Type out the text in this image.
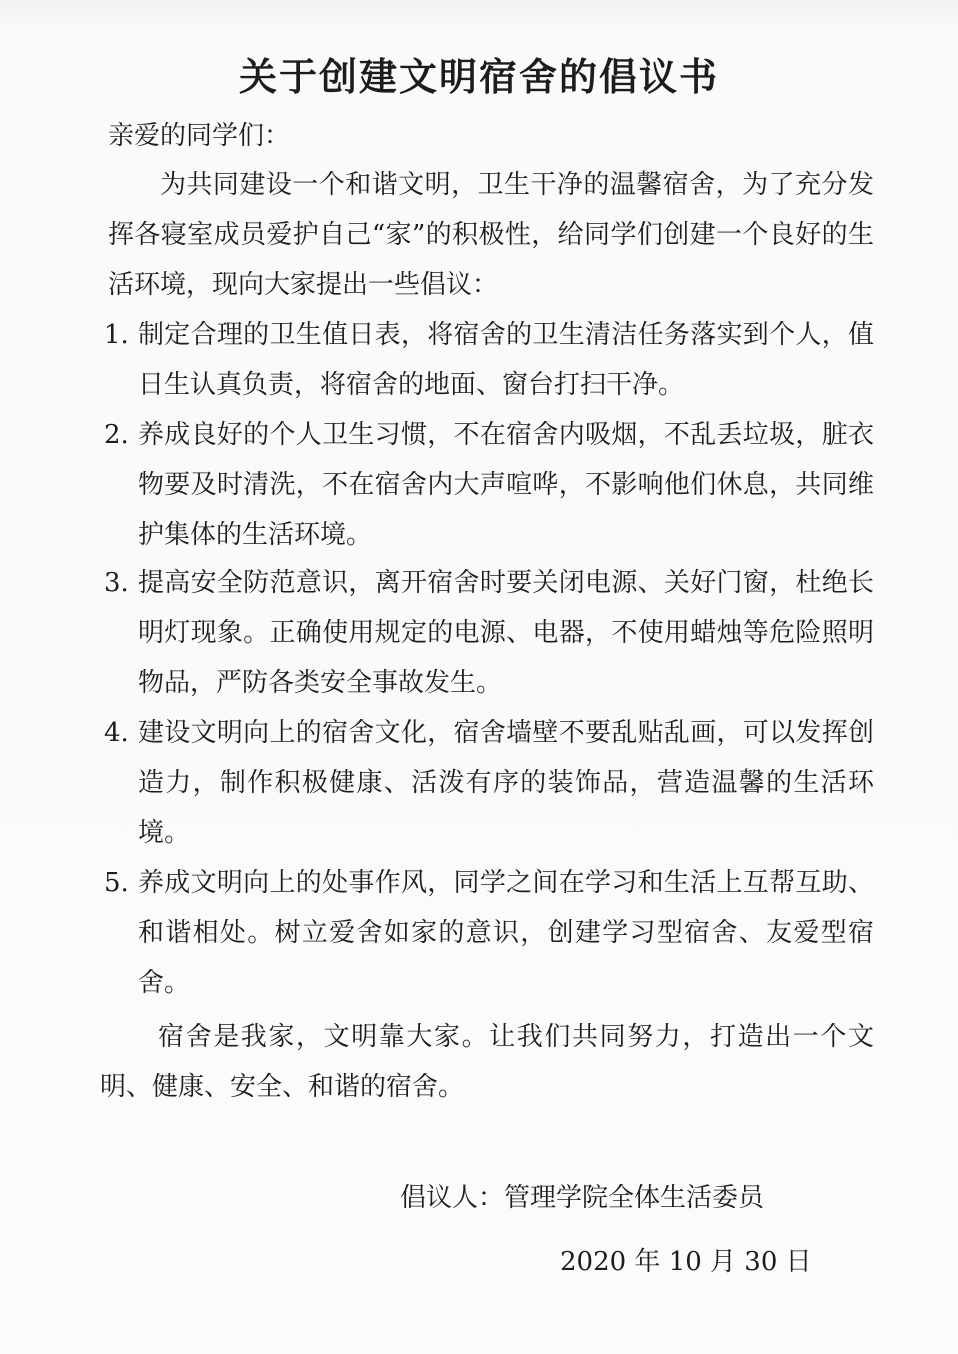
关于创建文明宿舍的倡议书

亲爱的同学们：

为共同建设一个和谐文明，卫生干净的温馨宿舍，为了充分发挥各寝室成员爱护自己“家”的积极性，给同学们创建一个良好的生活环境，现向大家提出一些倡议：

1. 制定合理的卫生值日表，将宿舍的卫生清洁任务落实到个人，值日生认真负责，将宿舍的地面、窗台打扫干净。
2. 养成良好的个人卫生习惯，不在宿舍内吸烟，不乱丢垃圾，脏衣物要及时清洗，不在宿舍内大声喧哗，不影响他们休息，共同维护集体的生活环境。
3. 提高安全防范意识，离开宿舍时要关闭电源、关好门窗，杜绝长明灯现象。正确使用规定的电源、电器，不使用蜡烛等危险照明物品，严防各类安全事故发生。
4. 建设文明向上的宿舍文化，宿舍墙壁不要乱贴乱画，可以发挥创造力，制作积极健康、活泼有序的装饰品，营造温馨的生活环境。
5. 养成文明向上的处事作风，同学之间在学习和生活上互帮互助、和谐相处。树立爱舍如家的意识，创建学习型宿舍、友爱型宿舍。

宿舍是我家，文明靠大家。让我们共同努力，打造出一个文明、健康、安全、和谐的宿舍。

倡议人：管理学院全体生活委员
2020 年 10 月 30 日
